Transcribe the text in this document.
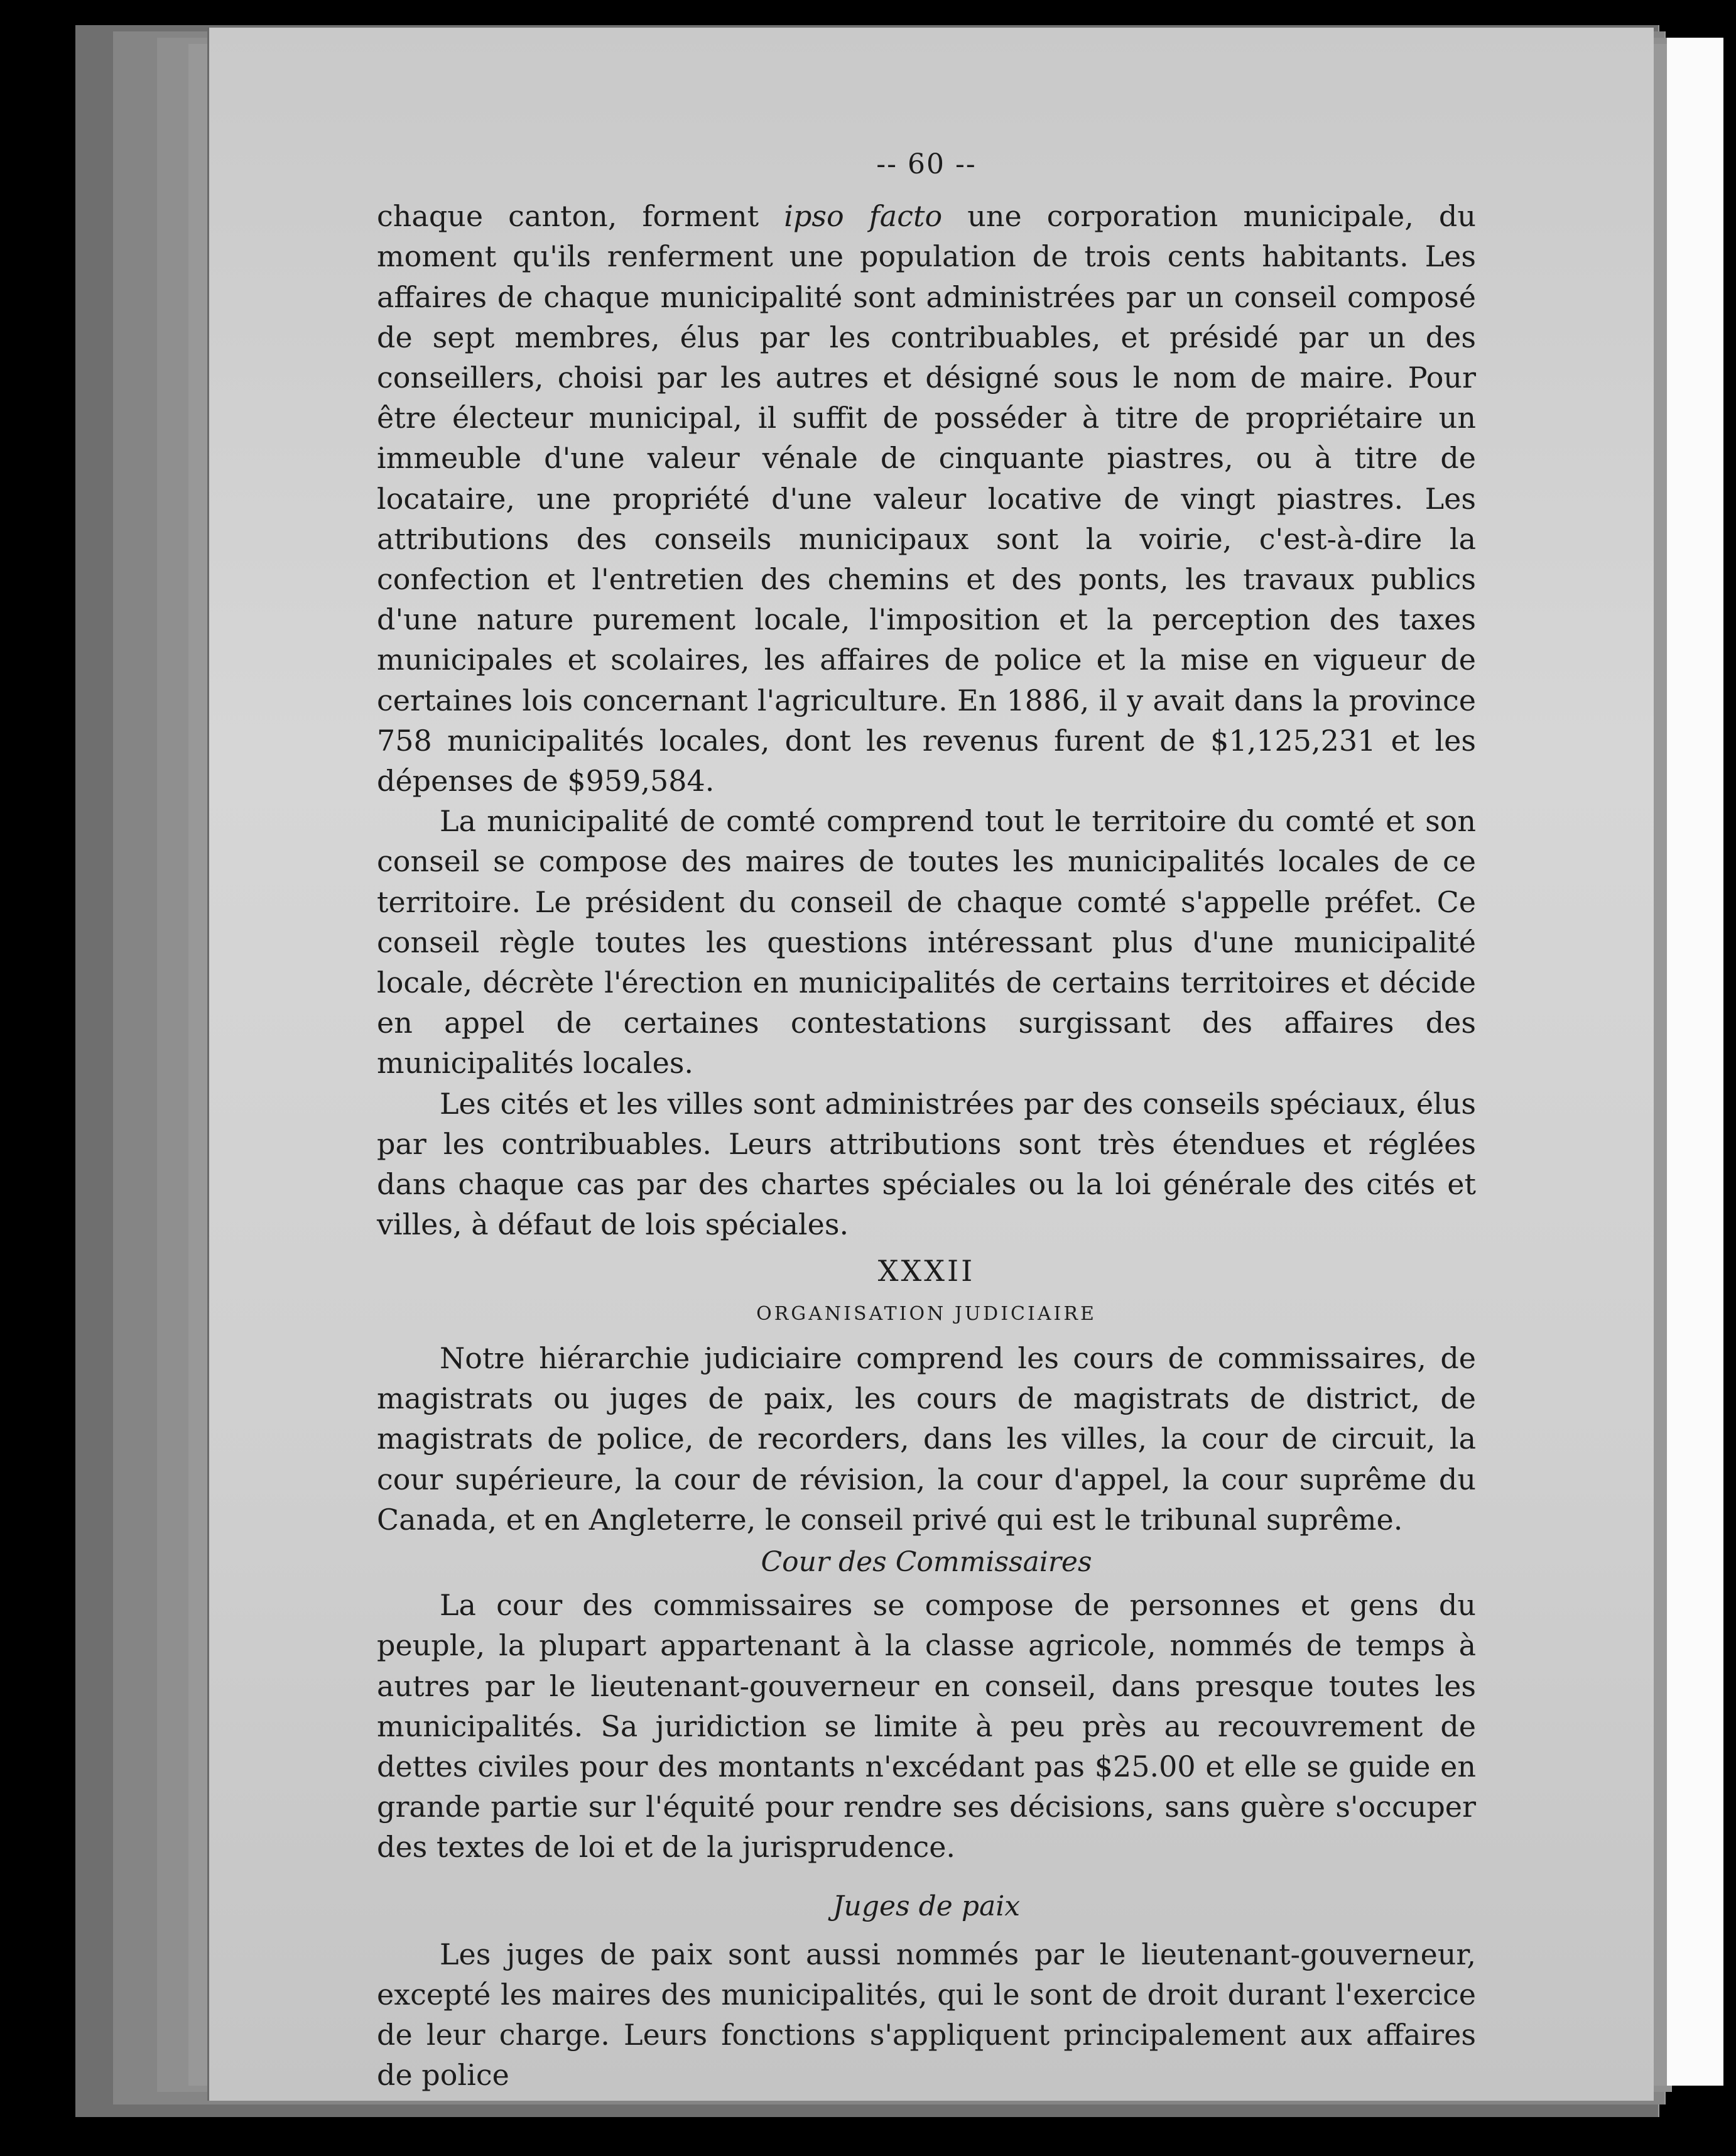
-- 60 --

chaque canton, forment ipso facto une corporation municipale, du moment qu'ils renferment une population de trois cents habitants. Les affaires de chaque municipalité sont administrées par un conseil composé de sept membres, élus par les contribuables, et présidé par un des conseillers, choisi par les autres et désigné sous le nom de maire. Pour être électeur municipal, il suffit de posséder à titre de propriétaire un immeuble d'une valeur vénale de cinquante piastres, ou à titre de locataire, une propriété d'une valeur locative de vingt piastres. Les attributions des conseils municipaux sont la voirie, c'est-à-dire la confection et l'entretien des chemins et des ponts, les travaux publics d'une nature purement locale, l'imposition et la perception des taxes municipales et scolaires, les affaires de police et la mise en vigueur de certaines lois concernant l'agriculture. En 1886, il y avait dans la province 758 municipalités locales, dont les revenus furent de $1,125,231 et les dépenses de $959,584.

La municipalité de comté comprend tout le territoire du comté et son conseil se compose des maires de toutes les municipalités locales de ce territoire. Le président du conseil de chaque comté s'appelle préfet. Ce conseil règle toutes les questions intéressant plus d'une municipalité locale, décrète l'érection en municipalités de certains territoires et décide en appel de certaines contestations surgissant des affaires des municipalités locales.

Les cités et les villes sont administrées par des conseils spéciaux, élus par les contribuables. Leurs attributions sont très étendues et réglées dans chaque cas par des chartes spéciales ou la loi générale des cités et villes, à défaut de lois spéciales.

XXXII
ORGANISATION JUDICIAIRE

Notre hiérarchie judiciaire comprend les cours de commissaires, de magistrats ou juges de paix, les cours de magistrats de district, de magistrats de police, de recorders, dans les villes, la cour de circuit, la cour supérieure, la cour de révision, la cour d'appel, la cour suprême du Canada, et en Angleterre, le conseil privé qui est le tribunal suprême.

Cour des Commissaires

La cour des commissaires se compose de personnes et gens du peuple, la plupart appartenant à la classe agricole, nommés de temps à autres par le lieutenant-gouverneur en conseil, dans presque toutes les municipalités. Sa juridiction se limite à peu près au recouvrement de dettes civiles pour des montants n'excédant pas $25.00 et elle se guide en grande partie sur l'équité pour rendre ses décisions, sans guère s'occuper des textes de loi et de la jurisprudence.

Juges de paix

Les juges de paix sont aussi nommés par le lieutenant-gouverneur, excepté les maires des municipalités, qui le sont de droit durant l'exercice de leur charge. Leurs fonctions s'appliquent principalement aux affaires de police
